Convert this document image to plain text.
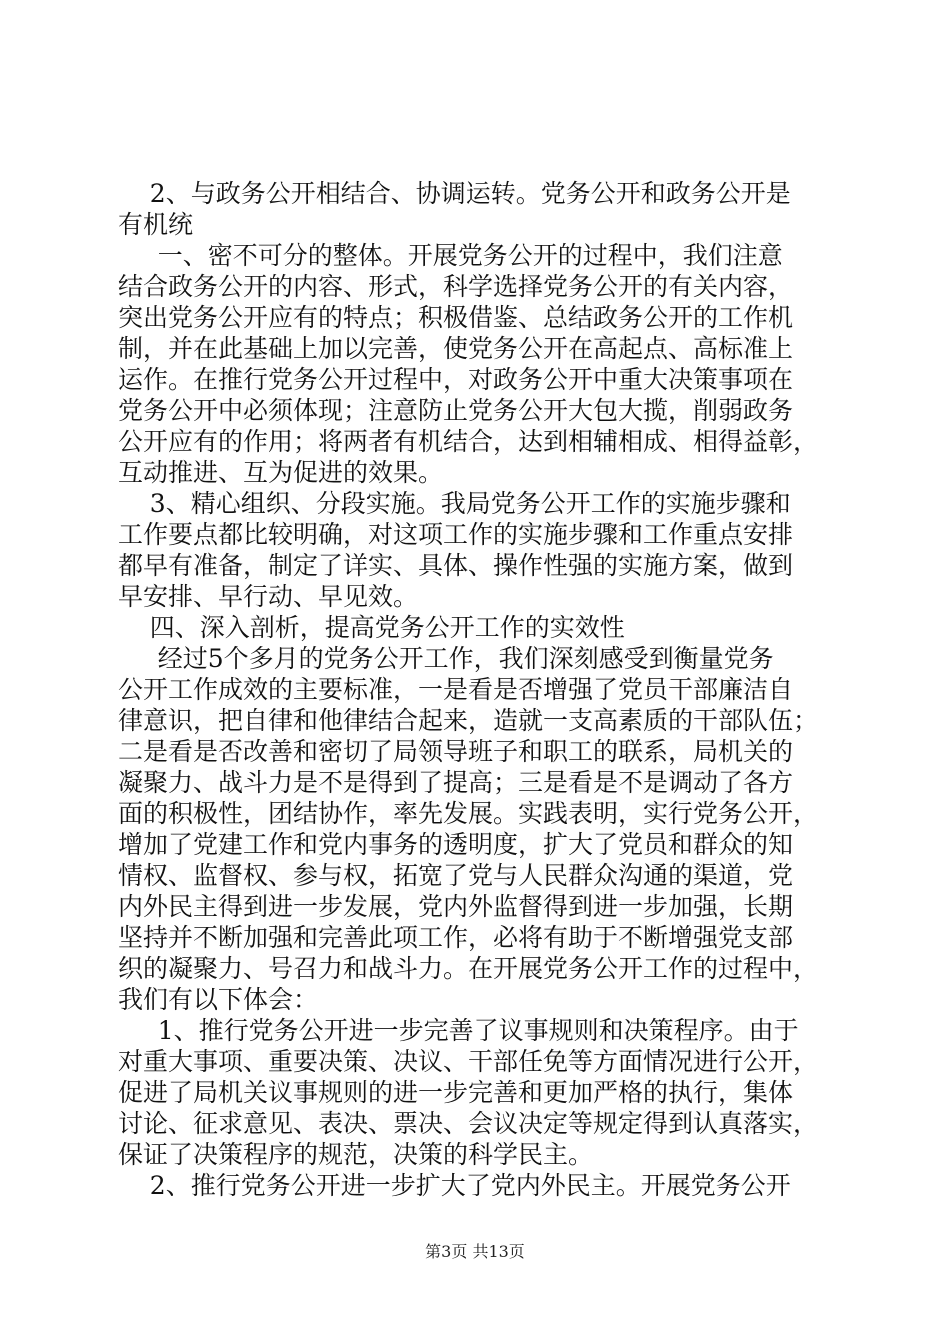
2、与政务公开相结合、协调运转。党务公开和政务公开是
有机统
一、密不可分的整体。开展党务公开的过程中，我们注意
结合政务公开的内容、形式，科学选择党务公开的有关内容，
突出党务公开应有的特点；积极借鉴、总结政务公开的工作机
制，并在此基础上加以完善，使党务公开在高起点、高标准上
运作。在推行党务公开过程中，对政务公开中重大决策事项在
党务公开中必须体现；注意防止党务公开大包大揽，削弱政务
公开应有的作用；将两者有机结合，达到相辅相成、相得益彰，
互动推进、互为促进的效果。
3、精心组织、分段实施。我局党务公开工作的实施步骤和
工作要点都比较明确，对这项工作的实施步骤和工作重点安排
都早有准备，制定了详实、具体、操作性强的实施方案，做到
早安排、早行动、早见效。
四、深入剖析，提高党务公开工作的实效性
经过5个多月的党务公开工作，我们深刻感受到衡量党务
公开工作成效的主要标准，一是看是否增强了党员干部廉洁自
律意识，把自律和他律结合起来，造就一支高素质的干部队伍；
二是看是否改善和密切了局领导班子和职工的联系，局机关的
凝聚力、战斗力是不是得到了提高；三是看是不是调动了各方
面的积极性，团结协作，率先发展。实践表明，实行党务公开，
增加了党建工作和党内事务的透明度，扩大了党员和群众的知
情权、监督权、参与权，拓宽了党与人民群众沟通的渠道，党
内外民主得到进一步发展，党内外监督得到进一步加强，长期
坚持并不断加强和完善此项工作，必将有助于不断增强党支部
织的凝聚力、号召力和战斗力。在开展党务公开工作的过程中，
我们有以下体会：
1、推行党务公开进一步完善了议事规则和决策程序。由于
对重大事项、重要决策、决议、干部任免等方面情况进行公开，
促进了局机关议事规则的进一步完善和更加严格的执行，集体
讨论、征求意见、表决、票决、会议决定等规定得到认真落实，
保证了决策程序的规范，决策的科学民主。
2、推行党务公开进一步扩大了党内外民主。开展党务公开
第3页 共13页
